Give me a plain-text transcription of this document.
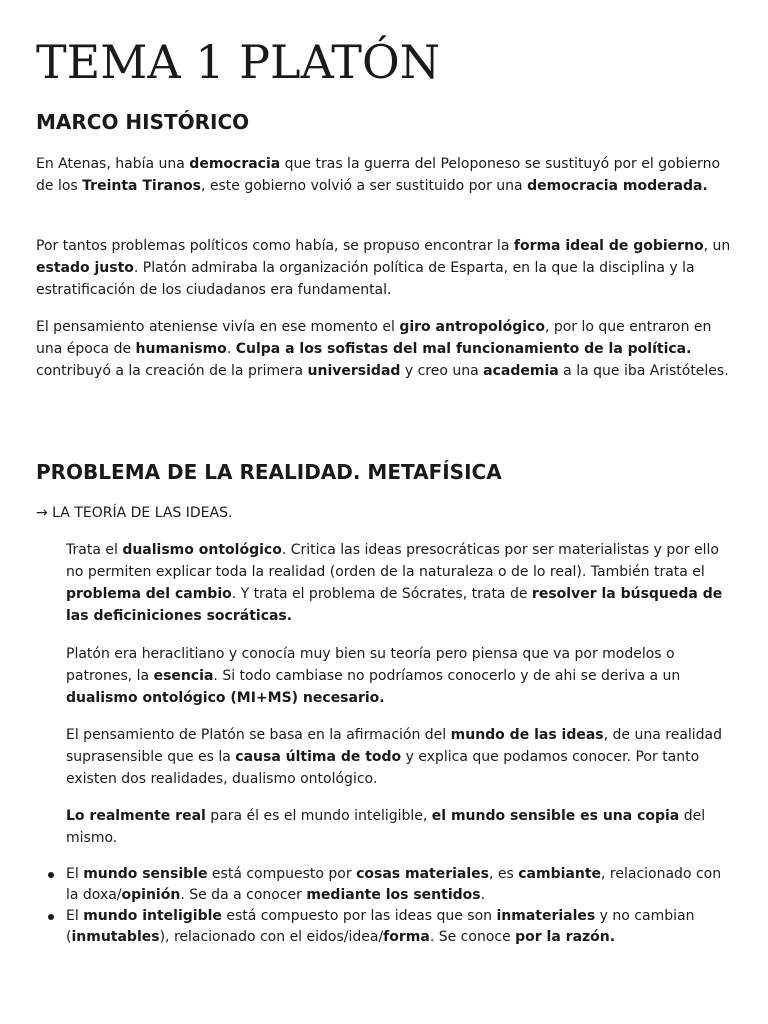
TEMA 1 PLATÓN
MARCO HISTÓRICO

En Atenas, había una democracia que tras la guerra del Peloponeso se sustituyó por el gobierno de los Treinta Tiranos, este gobierno volvió a ser sustituido por una democracia moderada.

Por tantos problemas políticos como había, se propuso encontrar la forma ideal de gobierno, un estado justo. Platón admiraba la organización política de Esparta, en la que la disciplina y la estratificación de los ciudadanos era fundamental.

El pensamiento ateniense vivía en ese momento el giro antropológico, por lo que entraron en una época de humanismo. Culpa a los sofistas del mal funcionamiento de la política. contribuyó a la creación de la primera universidad y creo una academia a la que iba Aristóteles.

PROBLEMA DE LA REALIDAD. METAFÍSICA

→ LA TEORÍA DE LAS IDEAS.

Trata el dualismo ontológico. Critica las ideas presocráticas por ser materialistas y por ello no permiten explicar toda la realidad (orden de la naturaleza o de lo real). También trata el problema del cambio. Y trata el problema de Sócrates, trata de resolver la búsqueda de las deficiniciones socráticas.

Platón era heraclitiano y conocía muy bien su teoría pero piensa que va por modelos o patrones, la esencia. Si todo cambiase no podríamos conocerlo y de ahi se deriva a un dualismo ontológico (MI+MS) necesario.

El pensamiento de Platón se basa en la afirmación del mundo de las ideas, de una realidad suprasensible que es la causa última de todo y explica que podamos conocer. Por tanto existen dos realidades, dualismo ontológico.

Lo realmente real para él es el mundo inteligible, el mundo sensible es una copia del mismo.

El mundo sensible está compuesto por cosas materiales, es cambiante, relacionado con la doxa/opinión. Se da a conocer mediante los sentidos.
El mundo inteligible está compuesto por las ideas que son inmateriales y no cambian (inmutables), relacionado con el eidos/idea/forma. Se conoce por la razón.
